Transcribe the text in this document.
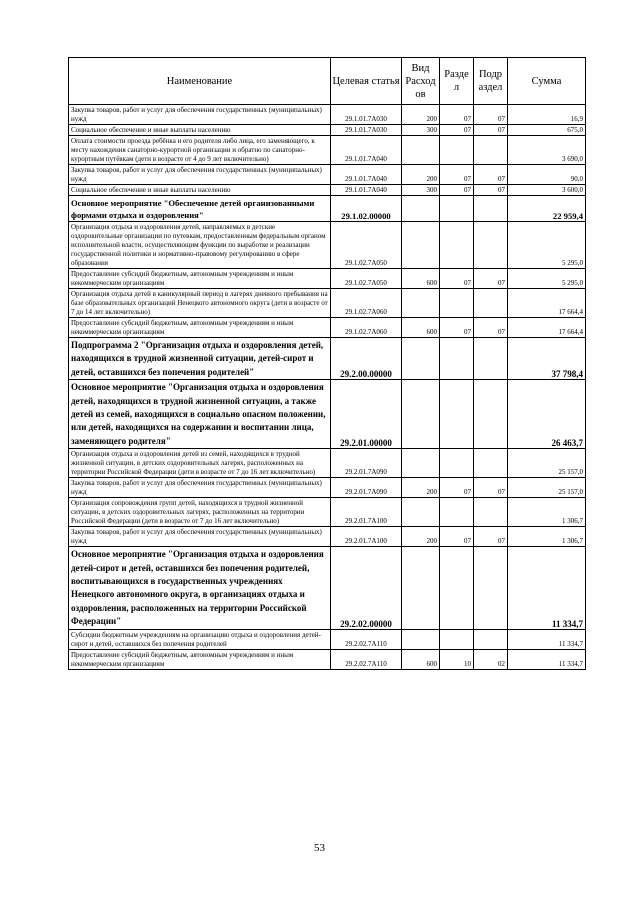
Наименование	Целевая статья	Вид Расход ов	Разде л	Подр аздел	Сумма
Закупка товаров, работ и услуг для обеспечения государственных (муниципальных) нужд	29.1.01.7А030	200	07	07	16,9
Социальное обеспечение и иные выплаты населению	29.1.01.7А030	300	07	07	675,0
Оплата стоимости проезда ребёнка и его родителя либо лица, его заменяющего, к месту нахождения санаторно-курортной организации и обратно по санаторно-курортным путёвкам (дети в возрасте от 4 до 9 лет включительно)	29.1.01.7А040				3 690,0
Закупка товаров, работ и услуг для обеспечения государственных (муниципальных) нужд	29.1.01.7А040	200	07	07	90,0
Социальное обеспечение и иные выплаты населению	29.1.01.7А040	300	07	07	3 600,0
Основное мероприятие "Обеспечение детей организованными формами отдыха и оздоровления"	29.1.02.00000				22 959,4
Организация отдыха и оздоровления детей, направляемых в детские оздоровительные организации по путевкам, предоставленным федеральным органом исполнительной власти, осуществляющим функции по выработке и реализации государственной политики и нормативно-правовому регулированию в сфере образования	29.1.02.7А050				5 295,0
Предоставление субсидий бюджетным, автономным учреждениям и иным некоммерческим организациям	29.1.02.7А050	600	07	07	5 295,0
Организация отдыха детей в каникулярный период в лагерях дневного пребывания на базе образовательных организаций Ненецкого автономного округа (дети в возрасте от 7 до 14 лет включительно)	29.1.02.7А060				17 664,4
Предоставление субсидий бюджетным, автономным учреждениям и иным некоммерческим организациям	29.1.02.7А060	600	07	07	17 664,4
Подпрограмма 2 "Организация отдыха и оздоровления детей, находящихся в трудной жизненной ситуации, детей-сирот и детей, оставшихся без попечения родителей"	29.2.00.00000				37 798,4
Основное мероприятие "Организация отдыха и оздоровления детей, находящихся в трудной жизненной ситуации, а также детей из семей, находящихся в социально опасном положении, или детей, находящихся на содержании и воспитании лица, заменяющего родителя"	29.2.01.00000				26 463,7
Организация отдыха и оздоровления детей из семей, находящихся в трудной жизненной ситуации, в детских оздоровительных лагерях, расположенных на территории Российской Федерации (дети в возрасте от 7 до 16 лет включительно)	29.2.01.7А090				25 157,0
Закупка товаров, работ и услуг для обеспечения государственных (муниципальных) нужд	29.2.01.7А090	200	07	07	25 157,0
Организация сопровождения групп детей, находящихся в трудной жизненной ситуации, в детских оздоровительных лагерях, расположенных на территории Российской Федерации (дети в возрасте от 7 до 16 лет включительно)	29.2.01.7А100				1 306,7
Закупка товаров, работ и услуг для обеспечения государственных (муниципальных) нужд	29.2.01.7А100	200	07	07	1 306,7
Основное мероприятие "Организация отдыха и оздоровления детей-сирот и детей, оставшихся без попечения родителей, воспитывающихся в государственных учреждениях Ненецкого автономного округа, в организациях отдыха и оздоровления, расположенных на территории Российской Федерации"	29.2.02.00000				11 334,7
Субсидии бюджетным учреждениям на организацию отдыха и оздоровления детей-сирот и детей, оставшихся без попечения родителей	29.2.02.7А110				11 334,7
Предоставление субсидий бюджетным, автономным учреждениям и иным некоммерческим организациям	29.2.02.7А110	600	10	02	11 334,7
53
